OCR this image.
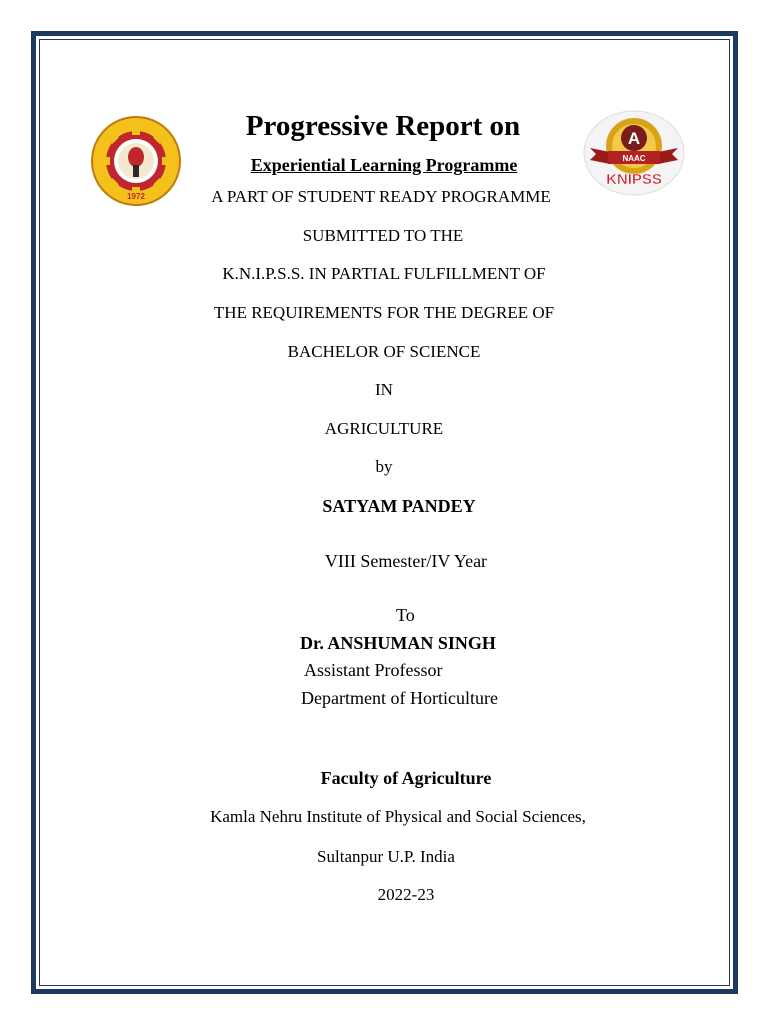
1972
A
NAAC
KNIPSS
Progressive Report on
Experiential Learning Programme
A PART OF STUDENT READY PROGRAMME
SUBMITTED TO THE
K.N.I.P.S.S. IN PARTIAL FULFILLMENT OF
THE REQUIREMENTS FOR THE DEGREE OF
BACHELOR OF SCIENCE
IN
AGRICULTURE
by
SATYAM PANDEY
VIII Semester/IV Year
To
Dr. ANSHUMAN SINGH
Assistant Professor
Department of Horticulture
Faculty of Agriculture
Kamla Nehru Institute of Physical and Social Sciences,
Sultanpur U.P. India
2022-23
